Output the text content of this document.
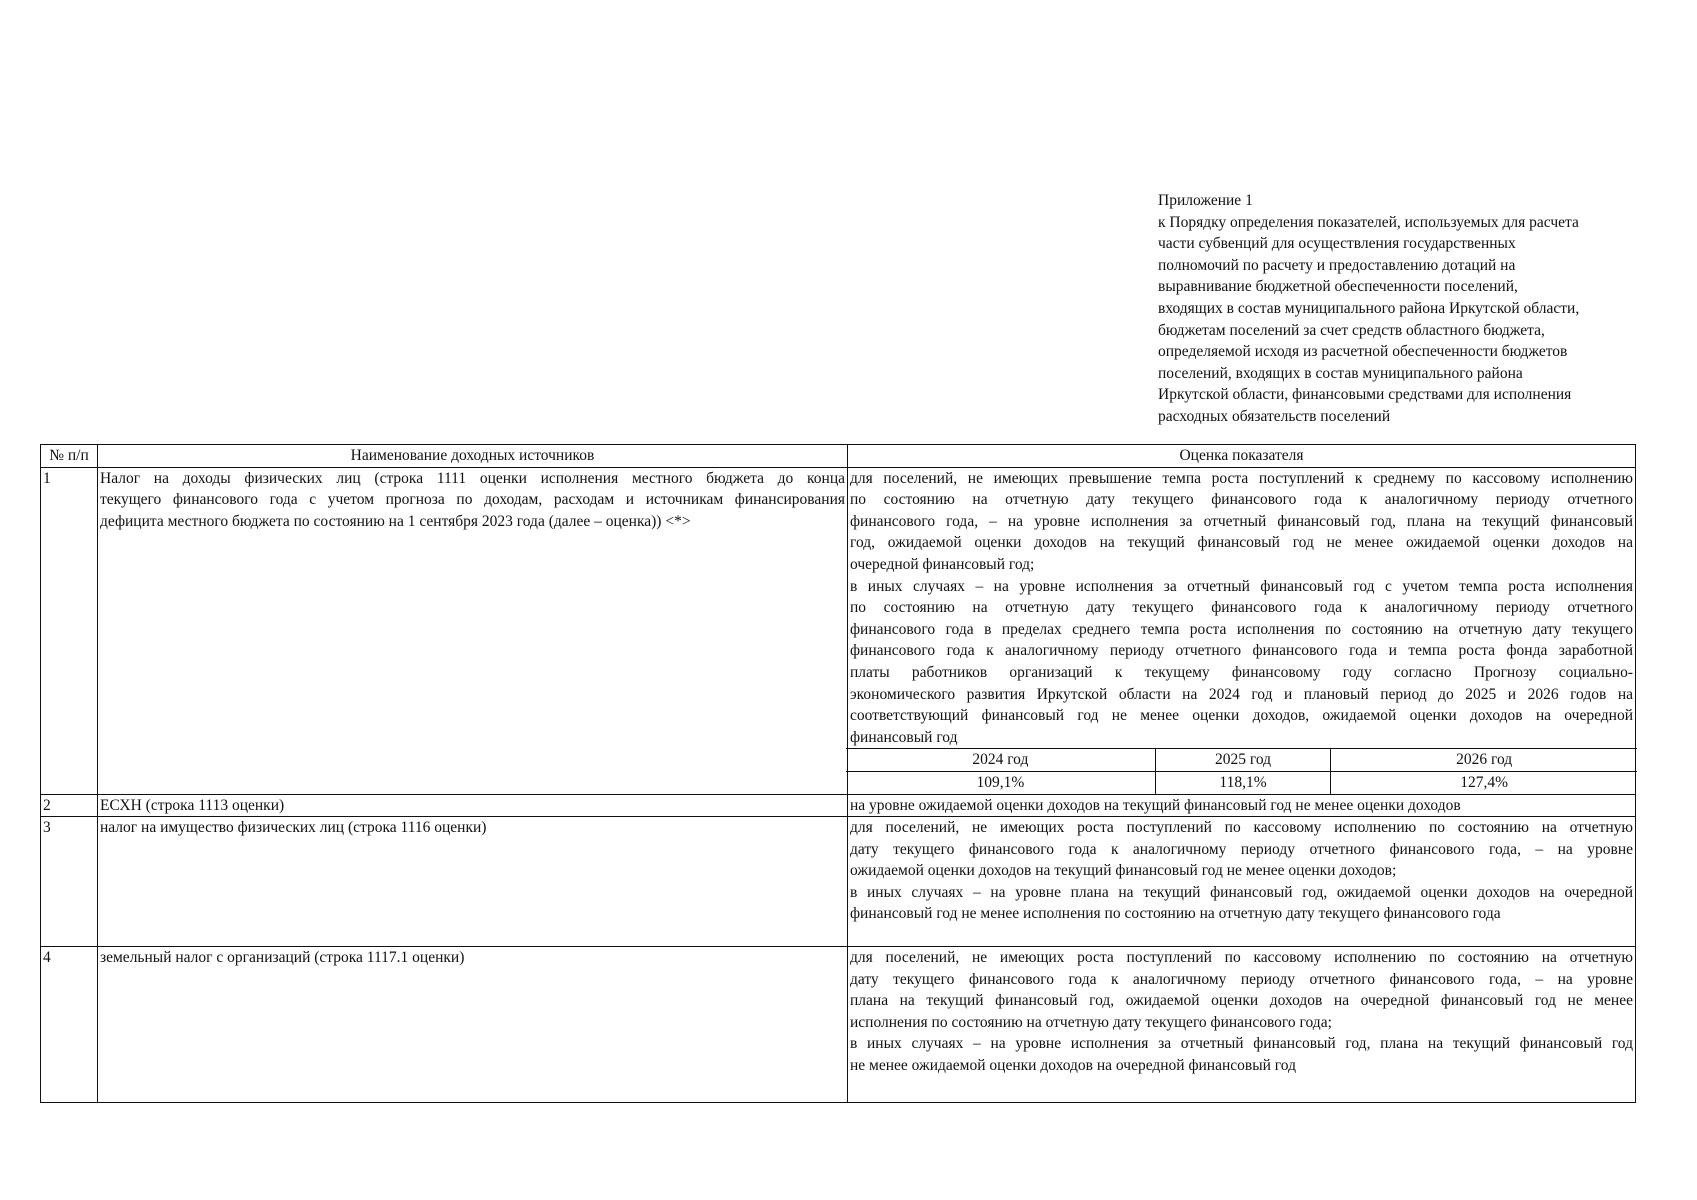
Приложение 1
к Порядку определения показателей, используемых для расчета
части субвенций для осуществления государственных
полномочий по расчету и предоставлению дотаций на
выравнивание бюджетной обеспеченности поселений,
входящих в состав муниципального района Иркутской области,
бюджетам поселений за счет средств областного бюджета,
определяемой исходя из расчетной обеспеченности бюджетов
поселений, входящих в состав муниципального района
Иркутской области, финансовыми средствами для исполнения
расходных обязательств поселений
№ п/п	Наименование доходных источников	Оценка показателя
1	Налог на доходы физических лиц (строка 1111 оценки исполнения местного бюджета до конца
текущего финансового года с учетом прогноза по доходам, расходам и источникам финансирования
дефицита местного бюджета по состоянию на 1 сентября 2023 года (далее – оценка)) <*>

для поселений, не имеющих превышение темпа роста поступлений к среднему по кассовому исполнению
по состоянию на отчетную дату текущего финансового года к аналогичному периоду отчетного
финансового года, – на уровне исполнения за отчетный финансовый год, плана на текущий финансовый
год, ожидаемой оценки доходов на текущий финансовый год не менее ожидаемой оценки доходов на
очередной финансовый год;
в иных случаях – на уровне исполнения за отчетный финансовый год с учетом темпа роста исполнения
по состоянию на отчетную дату текущего финансового года к аналогичному периоду отчетного
финансового года в пределах среднего темпа роста исполнения по состоянию на отчетную дату текущего
финансового года к аналогичному периоду отчетного финансового года и темпа роста фонда заработной
платы работников организаций к текущему финансовому году согласно Прогнозу социально-
экономического развития Иркутской области на 2024 год и плановый период до 2025 и 2026 годов на
соответствующий финансовый год не менее оценки доходов, ожидаемой оценки доходов на очередной
финансовый год
2024 год	2025 год	2026 год
109,1%	118,1%	127,4%

2	ЕСХН (строка 1113 оценки)	на уровне ожидаемой оценки доходов на текущий финансовый год не менее оценки доходов
3	налог на имущество физических лиц (строка 1116 оценки)	для поселений, не имеющих роста поступлений по кассовому исполнению по состоянию на отчетную
дату текущего финансового года к аналогичному периоду отчетного финансового года, – на уровне
ожидаемой оценки доходов на текущий финансовый год не менее оценки доходов;
в иных случаях – на уровне плана на текущий финансовый год, ожидаемой оценки доходов на очередной
финансовый год не менее исполнения по состоянию на отчетную дату текущего финансового года

4	земельный налог с организаций (строка 1117.1 оценки)	для поселений, не имеющих роста поступлений по кассовому исполнению по состоянию на отчетную
дату текущего финансового года к аналогичному периоду отчетного финансового года, – на уровне
плана на текущий финансовый год, ожидаемой оценки доходов на очередной финансовый год не менее
исполнения по состоянию на отчетную дату текущего финансового года;
в иных случаях – на уровне исполнения за отчетный финансовый год, плана на текущий финансовый год
не менее ожидаемой оценки доходов на очередной финансовый год
